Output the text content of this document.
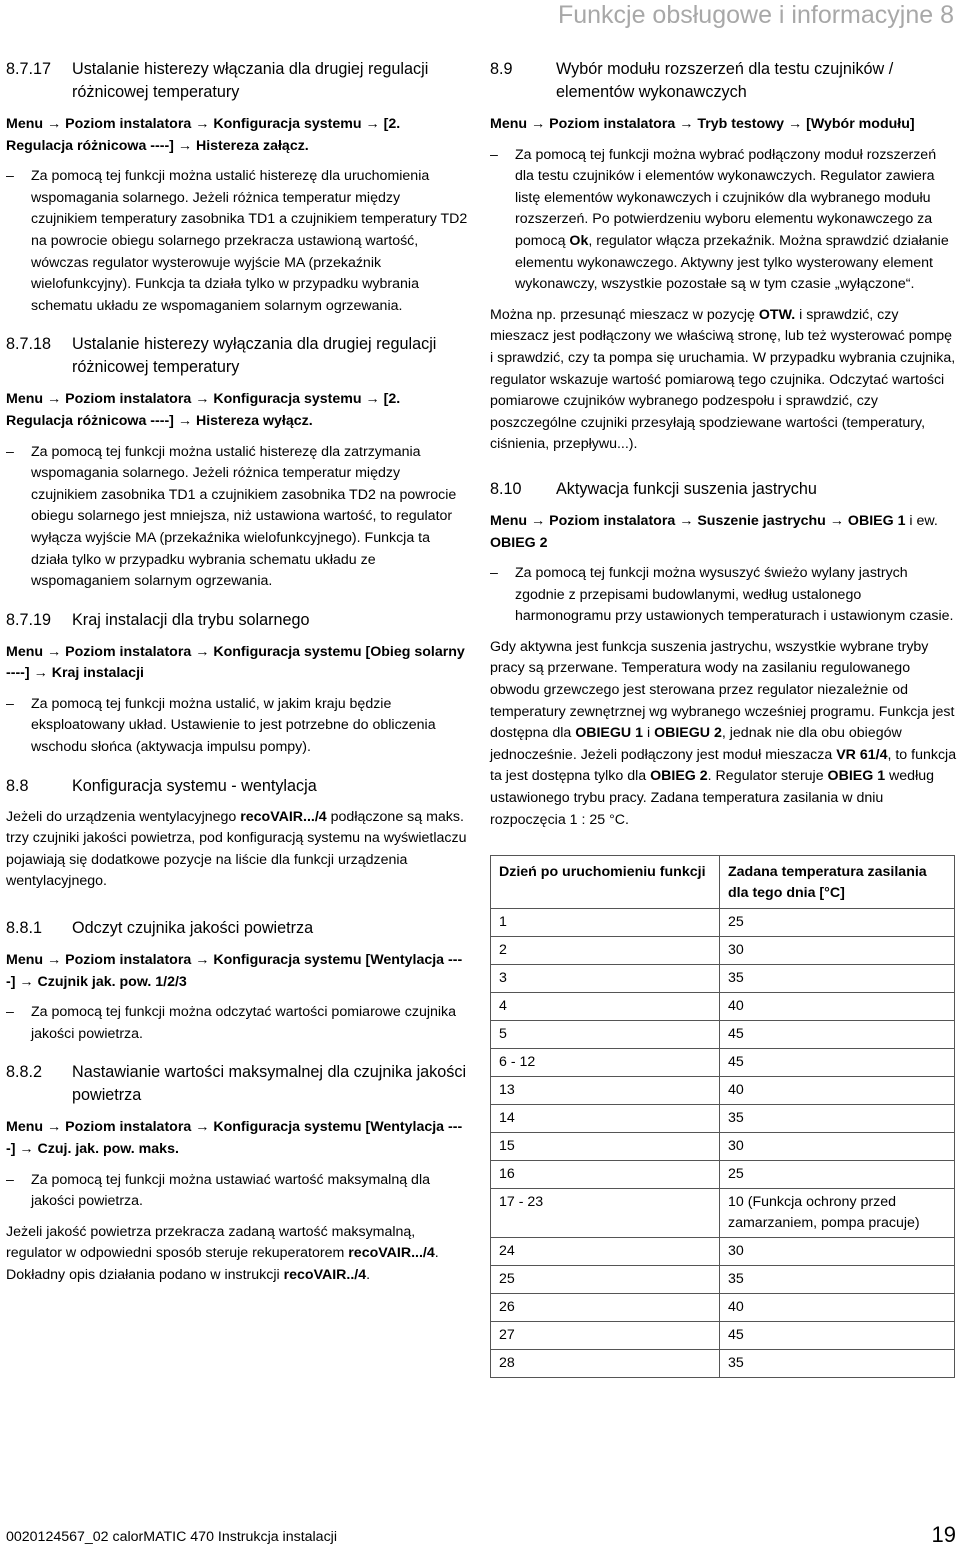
Funkcje obsługowe i informacyjne 8
8.7.17 Ustalanie histerezy włączania dla drugiej regulacji różnicowej temperatury
Menu → Poziom instalatora → Konfiguracja systemu → [2. Regulacja różnicowa ----] → Histereza załącz.
– Za pomocą tej funkcji można ustalić histerezę dla uruchomienia wspomagania solarnego. Jeżeli różnica temperatur między czujnikiem temperatury zasobnika TD1 a czujnikiem temperatury TD2 na powrocie obiegu solarnego przekracza ustawioną wartość, wówczas regulator wysterowuje wyjście MA (przekaźnik wielofunkcyjny). Funkcja ta działa tylko w przypadku wybrania schematu układu ze wspomaganiem solarnym ogrzewania.
8.7.18 Ustalanie histerezy wyłączania dla drugiej regulacji różnicowej temperatury
Menu → Poziom instalatora → Konfiguracja systemu → [2. Regulacja różnicowa ----] → Histereza wyłącz.
– Za pomocą tej funkcji można ustalić histerezę dla zatrzymania wspomagania solarnego. Jeżeli różnica temperatur między czujnikiem zasobnika TD1 a czujnikiem zasobnika TD2 na powrocie obiegu solarnego jest mniejsza, niż ustawiona wartość, to regulator wyłącza wyjście MA (przekaźnika wielofunkcyjnego). Funkcja ta działa tylko w przypadku wybrania schematu układu ze wspomaganiem solarnym ogrzewania.
8.7.19 Kraj instalacji dla trybu solarnego
Menu → Poziom instalatora → Konfiguracja systemu [Obieg solarny ----] → Kraj instalacji
– Za pomocą tej funkcji można ustalić, w jakim kraju będzie eksploatowany układ. Ustawienie to jest potrzebne do obliczenia wschodu słońca (aktywacja impulsu pompy).
8.8	Konfiguracja systemu - wentylacja
Jeżeli do urządzenia wentylacyjnego recoVAIR.../4 podłączone są maks. trzy czujniki jakości powietrza, pod konfiguracją systemu na wyświetlaczu pojawiają się dodatkowe pozycje na liście dla funkcji urządzenia wentylacyjnego.
8.8.1 Odczyt czujnika jakości powietrza
Menu → Poziom instalatora → Konfiguracja systemu [Wentylacja ----] → Czujnik jak. pow. 1/2/3
– Za pomocą tej funkcji można odczytać wartości pomiarowe czujnika jakości powietrza.
8.8.2 Nastawianie wartości maksymalnej dla czujnika jakości powietrza
Menu → Poziom instalatora → Konfiguracja systemu [Wentylacja ----] → Czuj. jak. pow. maks.
– Za pomocą tej funkcji można ustawiać wartość maksymalną dla jakości powietrza.
Jeżeli jakość powietrza przekracza zadaną wartość maksymalną, regulator w odpowiedni sposób steruje rekuperatorem recoVAIR.../4. Dokładny opis działania podano w instrukcji recoVAIR../4.
8.9	Wybór modułu rozszerzeń dla testu czujników / elementów wykonawczych
Menu → Poziom instalatora → Tryb testowy → [Wybór modułu]
– Za pomocą tej funkcji można wybrać podłączony moduł rozszerzeń dla testu czujników i elementów wykonawczych. Regulator zawiera listę elementów wykonawczych i czujników dla wybranego modułu rozszerzeń. Po potwierdzeniu wyboru elementu wykonawczego za pomocą Ok, regulator włącza przekaźnik. Można sprawdzić działanie elementu wykonawczego. Aktywny jest tylko wysterowany element wykonawczy, wszystkie pozostałe są w tym czasie „wyłączone“.
Można np. przesunąć mieszacz w pozycję OTW. i sprawdzić, czy mieszacz jest podłączony we właściwą stronę, lub też wysterować pompę i sprawdzić, czy ta pompa się uruchamia. W przypadku wybrania czujnika, regulator wskazuje wartość pomiarową tego czujnika. Odczytać wartości pomiarowe czujników wybranego podzespołu i sprawdzić, czy poszczególne czujniki przesyłają spodziewane wartości (temperatury, ciśnienia, przepływu...).
8.10 Aktywacja funkcji suszenia jastrychu
Menu → Poziom instalatora → Suszenie jastrychu → OBIEG 1 i ew. OBIEG 2
– Za pomocą tej funkcji można wysuszyć świeżo wylany jastrych zgodnie z przepisami budowlanymi, według ustalonego harmonogramu przy ustawionych temperaturach i ustawionym czasie.
Gdy aktywna jest funkcja suszenia jastrychu, wszystkie wybrane tryby pracy są przerwane. Temperatura wody na zasilaniu regulowanego obwodu grzewczego jest sterowana przez regulator niezależnie od temperatury zewnętrznej wg wybranego wcześniej programu. Funkcja jest dostępna dla OBIEGU 1 i OBIEGU 2, jednak nie dla obu obiegów jednocześnie. Jeżeli podłączony jest moduł mieszacza VR 61/4, to funkcja ta jest dostępna tylko dla OBIEG 2. Regulator steruje OBIEG 1 według ustawionego trybu pracy. Zadana temperatura zasilania w dniu rozpoczęcia 1 : 25 °C.
Dzień po uruchomieniu funkcji	Zadana temperatura zasilania dla tego dnia [°C]
1	25
2	30
3	35
4	40
5	45
6 - 12	45
13	40
14	35
15	30
16	25
17 - 23	10 (Funkcja ochrony przed zamarzaniem, pompa pracuje)
24	30
25	35
26	40
27	45
28	35
0020124567_02 calorMATIC 470 Instrukcja instalacji	19
